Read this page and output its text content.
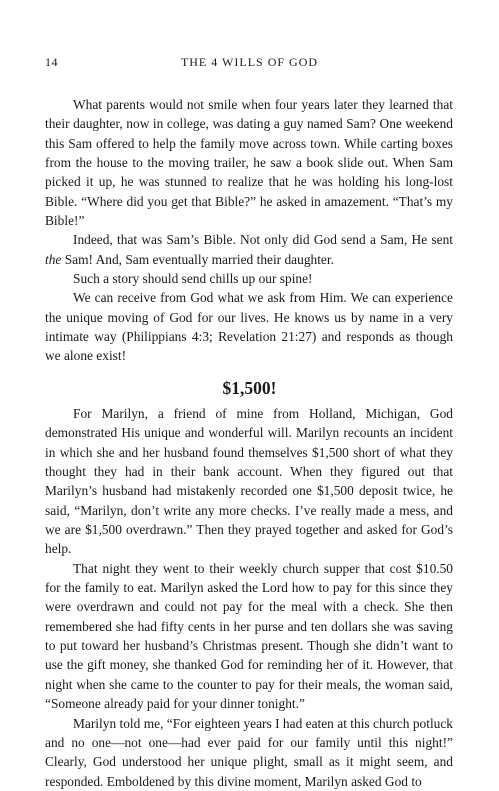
14	THE 4 WILLS OF GOD

What parents would not smile when four years later they learned that their daughter, now in college, was dating a guy named Sam? One weekend this Sam offered to help the family move across town. While carting boxes from the house to the moving trailer, he saw a book slide out. When Sam picked it up, he was stunned to realize that he was holding his long-lost Bible. “Where did you get that Bible?” he asked in amazement. “That’s my Bible!”

Indeed, that was Sam’s Bible. Not only did God send a Sam, He sent the Sam! And, Sam eventually married their daughter.

Such a story should send chills up our spine!

We can receive from God what we ask from Him. We can experience the unique moving of God for our lives. He knows us by name in a very intimate way (Philippians 4:3; Revelation 21:27) and responds as though we alone exist!

$1,500!

For Marilyn, a friend of mine from Holland, Michigan, God demonstrated His unique and wonderful will. Marilyn recounts an incident in which she and her husband found themselves $1,500 short of what they thought they had in their bank account. When they figured out that Marilyn’s husband had mistakenly recorded one $1,500 deposit twice, he said, “Marilyn, don’t write any more checks. I’ve really made a mess, and we are $1,500 overdrawn.” Then they prayed together and asked for God’s help.

That night they went to their weekly church supper that cost $10.50 for the family to eat. Marilyn asked the Lord how to pay for this since they were overdrawn and could not pay for the meal with a check. She then remembered she had fifty cents in her purse and ten dollars she was saving to put toward her husband’s Christmas present. Though she didn’t want to use the gift money, she thanked God for reminding her of it. However, that night when she came to the counter to pay for their meals, the woman said, “Someone already paid for your dinner tonight.”

Marilyn told me, “For eighteen years I had eaten at this church potluck and no one—not one—had ever paid for our family until this night!” Clearly, God understood her unique plight, small as it might seem, and responded. Emboldened by this divine moment, Marilyn asked God to
